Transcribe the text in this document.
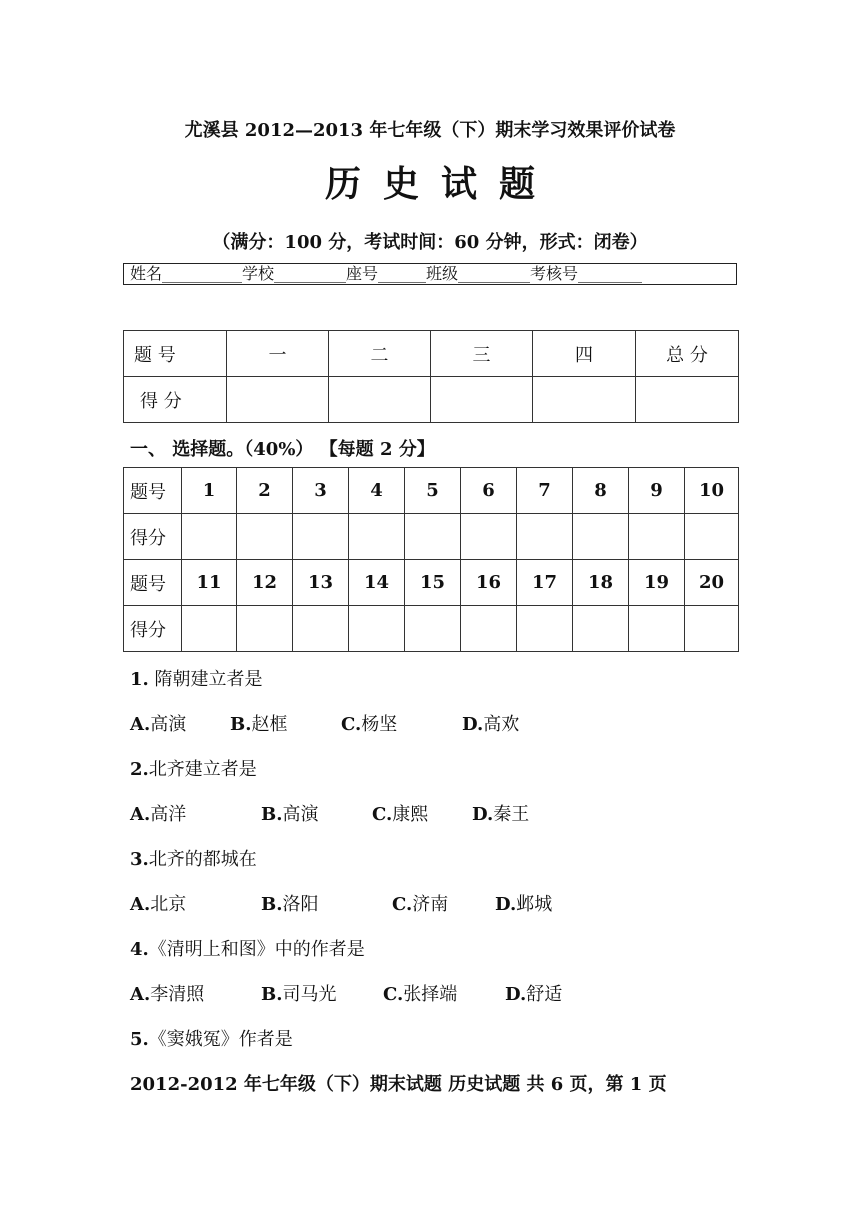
尤溪县 2012—2013 年七年级（下）期末学习效果评价试卷
历史试题
（满分：100 分，考试时间：60 分钟，形式：闭卷）
姓名__________学校_________座号______班级_________考核号________
题 号	一	二	三	四	总 分
得 分					
一、 选择题。（40%） 【每题 2 分】
题号	1	2	3	4	5	6	7	8	9	10
得分										
题号	11	12	13	14	15	16	17	18	19	20
得分										
1. 隋朝建立者是
A.高演 B.赵框	C.杨坚	D.高欢
2.北齐建立者是
A.高洋	B.高演	C.康熙 D.秦王
3.北齐的都城在
A.北京	B.洛阳	C.济南	D.邺城
4.《清明上和图》中的作者是
A.李清照	B.司马光	C.张择端	D.舒适
5.《窦娥冤》作者是
2012-2012 年七年级（下）期末试题 历史试题 共 6 页，第 1 页
